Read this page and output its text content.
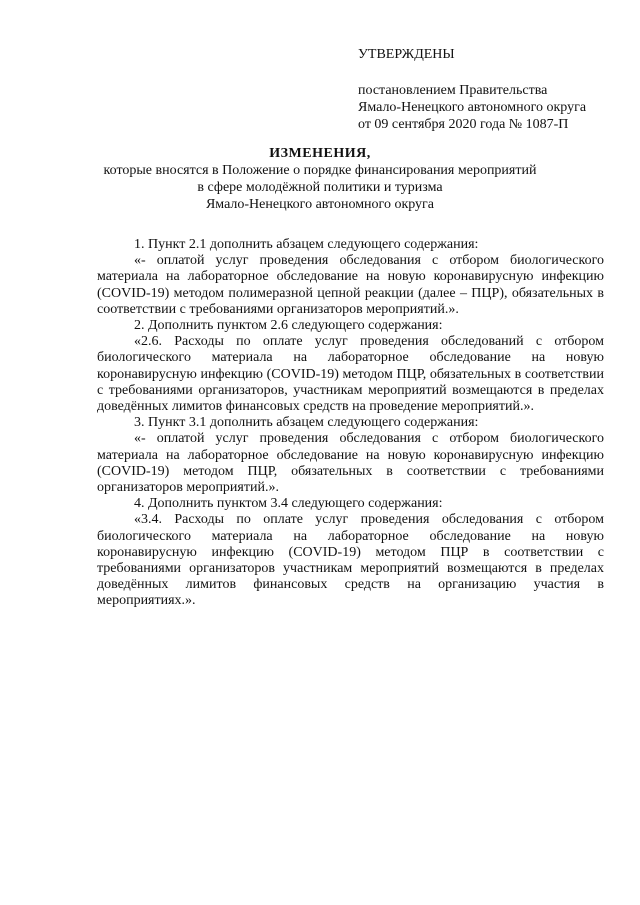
УТВЕРЖДЕНЫ
постановлением Правительства
Ямало-Ненецкого автономного округа
от 09 сентября 2020 года № 1087-П
ИЗМЕНЕНИЯ,
которые вносятся в Положение о порядке финансирования мероприятий
в сфере молодёжной политики и туризма
Ямало-Ненецкого автономного округа

1. Пункт 2.1 дополнить абзацем следующего содержания:

«- оплатой услуг проведения обследования с отбором биологического материала на лабораторное обследование на новую коронавирусную инфекцию (COVID-19) методом полимеразной цепной реакции (далее – ПЦР), обязательных в соответствии с требованиями организаторов мероприятий.».

2. Дополнить пунктом 2.6 следующего содержания:

«2.6. Расходы по оплате услуг проведения обследований с отбором биологического материала на лабораторное обследование на новую коронавирусную инфекцию (COVID-19) методом ПЦР, обязательных в соответствии с требованиями организаторов, участникам мероприятий возмещаются в пределах доведённых лимитов финансовых средств на проведение мероприятий.».

3. Пункт 3.1 дополнить абзацем следующего содержания:

«- оплатой услуг проведения обследования с отбором биологического материала на лабораторное обследование на новую коронавирусную инфекцию (COVID-19) методом ПЦР, обязательных в соответствии с требованиями организаторов мероприятий.».

4. Дополнить пунктом 3.4 следующего содержания:

«3.4. Расходы по оплате услуг проведения обследования с отбором биологического материала на лабораторное обследование на новую коронавирусную инфекцию (COVID-19) методом ПЦР в соответствии с требованиями организаторов участникам мероприятий возмещаются в пределах доведённых лимитов финансовых средств на организацию участия в мероприятиях.».
